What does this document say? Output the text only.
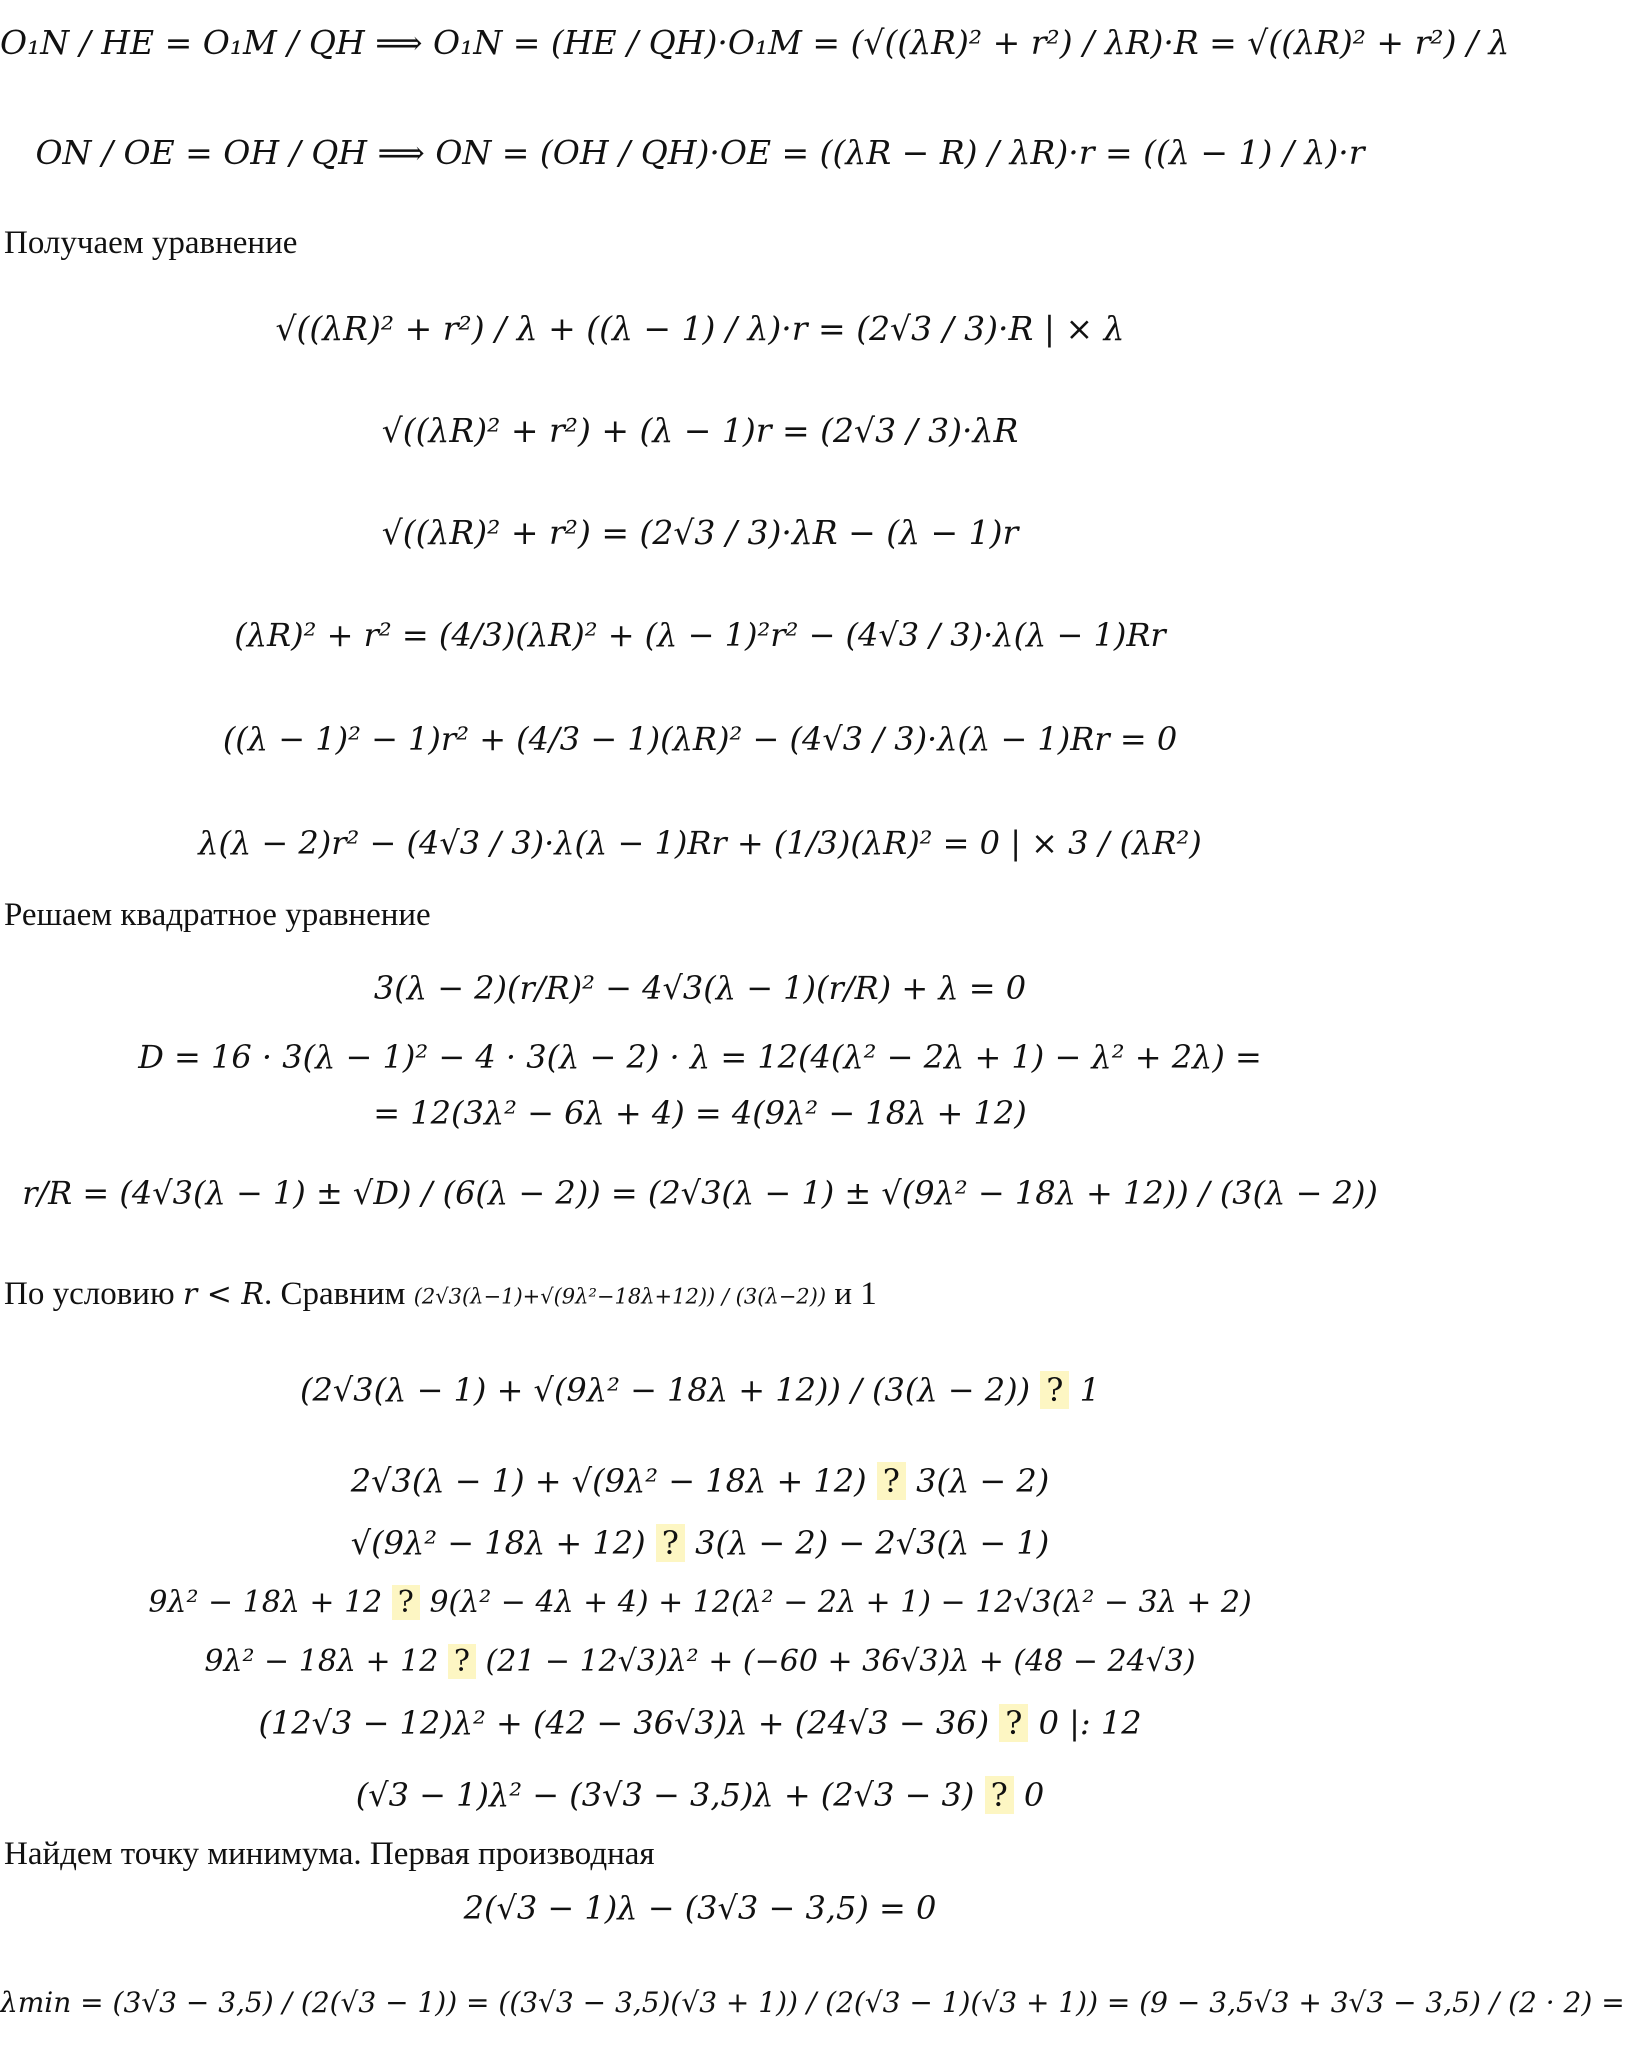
O₁N / HE = O₁M / QH ⟹ O₁N = (HE / QH)·O₁M = (√((λR)² + r²) / λR)·R = √((λR)² + r²) / λ
ON / OE = OH / QH ⟹ ON = (OH / QH)·OE = ((λR − R) / λR)·r = ((λ − 1) / λ)·r
Получаем уравнение
√((λR)² + r²) / λ + ((λ − 1) / λ)·r = (2√3 / 3)·R | × λ
√((λR)² + r²) + (λ − 1)r = (2√3 / 3)·λR
√((λR)² + r²) = (2√3 / 3)·λR − (λ − 1)r
(λR)² + r² = (4/3)(λR)² + (λ − 1)²r² − (4√3 / 3)·λ(λ − 1)Rr
((λ − 1)² − 1)r² + (4/3 − 1)(λR)² − (4√3 / 3)·λ(λ − 1)Rr = 0
λ(λ − 2)r² − (4√3 / 3)·λ(λ − 1)Rr + (1/3)(λR)² = 0 | × 3 / (λR²)
Решаем квадратное уравнение
3(λ − 2)(r/R)² − 4√3(λ − 1)(r/R) + λ = 0
D = 16 · 3(λ − 1)² − 4 · 3(λ − 2) · λ = 12(4(λ² − 2λ + 1) − λ² + 2λ) =
= 12(3λ² − 6λ + 4) = 4(9λ² − 18λ + 12)
r/R = (4√3(λ − 1) ± √D) / (6(λ − 2)) = (2√3(λ − 1) ± √(9λ² − 18λ + 12)) / (3(λ − 2))
По условию r < R. Сравним (2√3(λ−1)+√(9λ²−18λ+12)) / (3(λ−2)) и 1
(2√3(λ − 1) + √(9λ² − 18λ + 12)) / (3(λ − 2)) ? 1
2√3(λ − 1) + √(9λ² − 18λ + 12) ? 3(λ − 2)
√(9λ² − 18λ + 12) ? 3(λ − 2) − 2√3(λ − 1)
9λ² − 18λ + 12 ? 9(λ² − 4λ + 4) + 12(λ² − 2λ + 1) − 12√3(λ² − 3λ + 2)
9λ² − 18λ + 12 ? (21 − 12√3)λ² + (−60 + 36√3)λ + (48 − 24√3)
(12√3 − 12)λ² + (42 − 36√3)λ + (24√3 − 36) ? 0 |: 12
(√3 − 1)λ² − (3√3 − 3,5)λ + (2√3 − 3) ? 0
Найдем точку минимума. Первая производная
2(√3 − 1)λ − (3√3 − 3,5) = 0
λmin = (3√3 − 3,5) / (2(√3 − 1)) = ((3√3 − 3,5)(√3 + 1)) / (2(√3 − 1)(√3 + 1)) = (9 − 3,5√3 + 3√3 − 3,5) / (2 · 2) =
